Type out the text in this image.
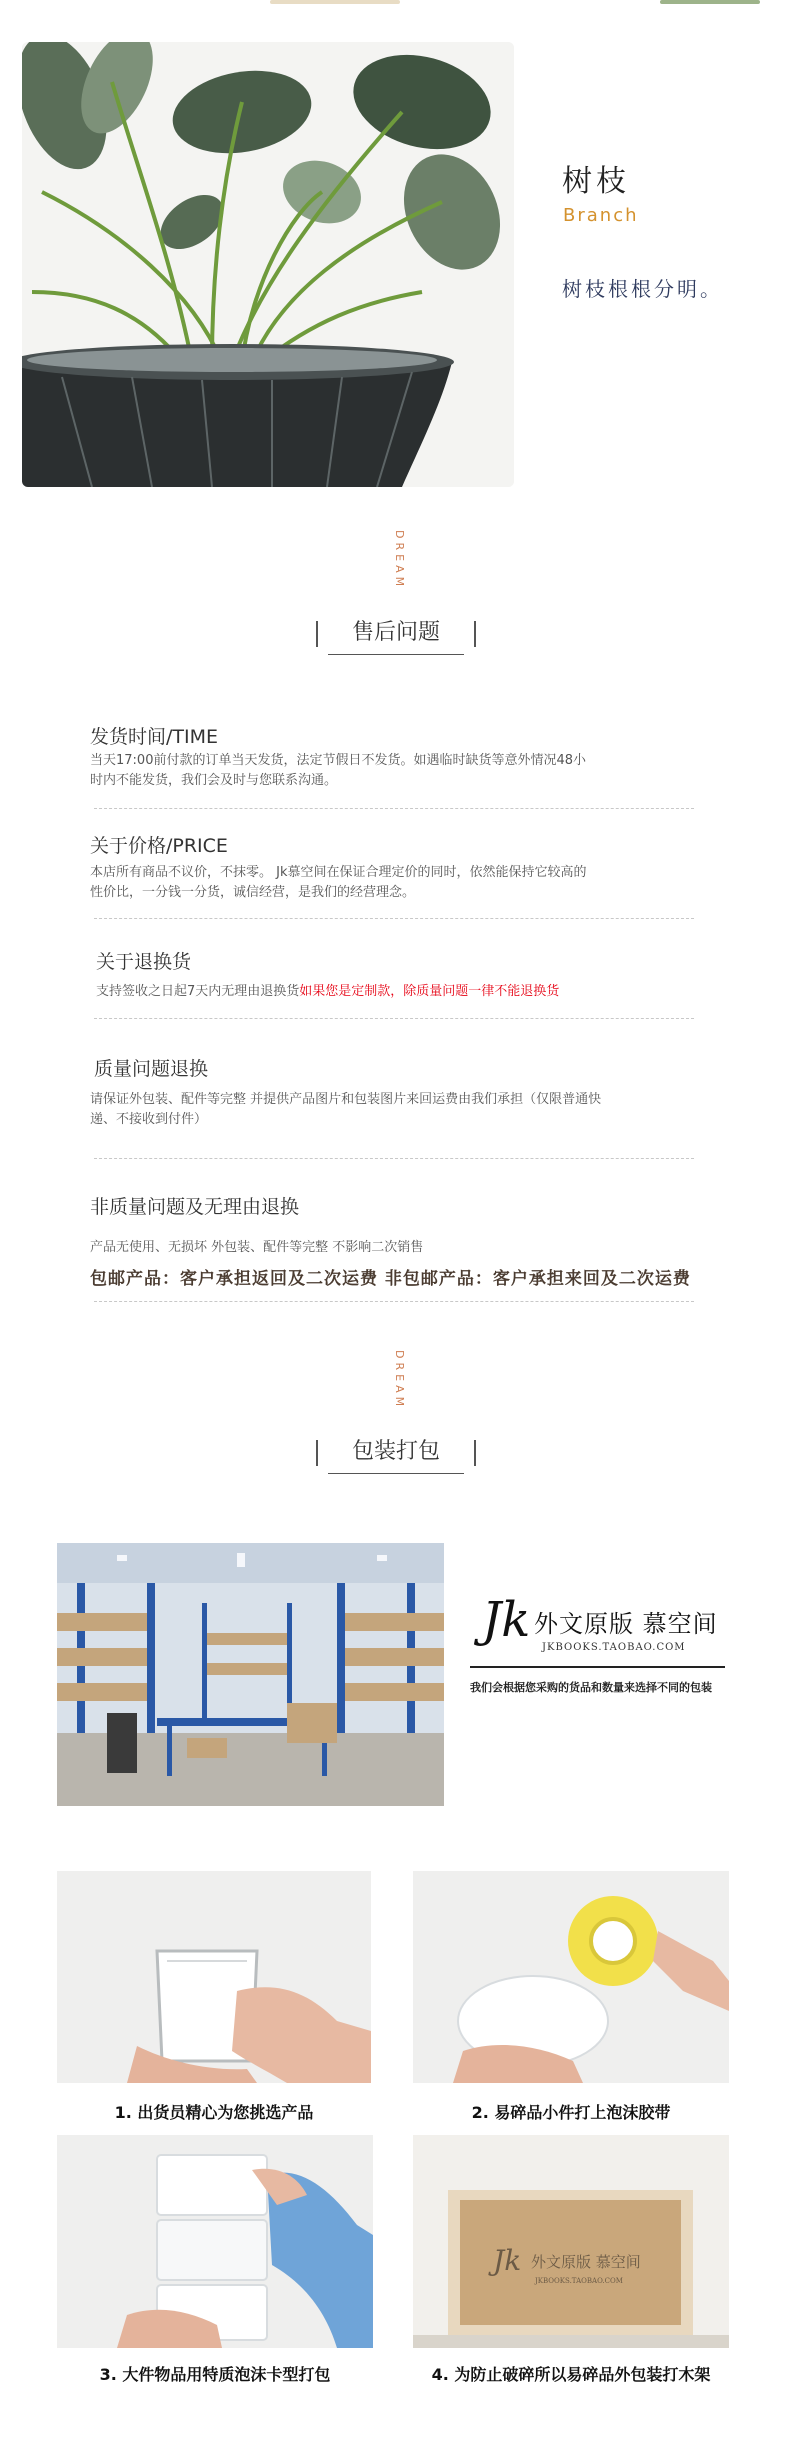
树枝
Branch
树枝根根分明。
DREAM
售后问题
发货时间/TIME
当天17:00前付款的订单当天发货，法定节假日不发货。如遇临时缺货等意外情况48小
时内不能发货，我们会及时与您联系沟通。
关于价格/PRICE
本店所有商品不议价，不抹零。 Jk慕空间在保证合理定价的同时，依然能保持它较高的
性价比，一分钱一分货，诚信经营，是我们的经营理念。
关于退换货
支持签收之日起7天内无理由退换货如果您是定制款，除质量问题一律不能退换货
质量问题退换
请保证外包装、配件等完整 并提供产品图片和包装图片来回运费由我们承担（仅限普通快
递、不接收到付件）
非质量问题及无理由退换
产品无使用、无损坏 外包装、配件等完整 不影响二次销售
包邮产品：客户承担返回及二次运费 非包邮产品：客户承担来回及二次运费
DREAM
包装打包
Jk 外文原版 慕空间
JKBOOKS.TAOBAO.COM
我们会根据您采购的货品和数量来选择不同的包装
1. 出货员精心为您挑选产品	2. 易碎品小件打上泡沫胶带
3. 大件物品用特质泡沫卡型打包
Jk 外文原版 慕空间
JKBOOKS.TAOBAO.COM
4. 为防止破碎所以易碎品外包装打木架
